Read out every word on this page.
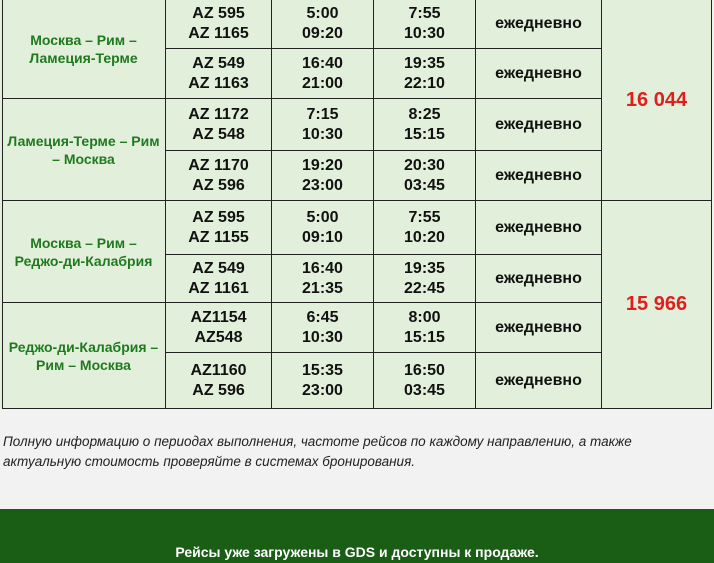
Москва – Рим – Ламеция-Терме
Ламеция-Терме – Рим – Москва
Москва – Рим – Реджо-ди-Калабрия
Реджо-ди-Калабрия – Рим – Москва
AZ 595
AZ 1165
5:00
09:20
7:55
10:30
ежедневно
AZ 549
AZ 1163
16:40
21:00
19:35
22:10
ежедневно
AZ 1172
AZ 548
7:15
10:30
8:25
15:15
ежедневно
AZ 1170
AZ 596
19:20
23:00
20:30
03:45
ежедневно
AZ 595
AZ 1155
5:00
09:10
7:55
10:20
ежедневно
AZ 549
AZ 1161
16:40
21:35
19:35
22:45
ежедневно
AZ1154
AZ548
6:45
10:30
8:00
15:15
ежедневно
AZ1160
AZ 596
15:35
23:00
16:50
03:45
ежедневно
16 044
15 966
Полную информацию о периодах выполнения, частоте рейсов по каждому направлению, а также актуальную стоимость проверяйте в системах бронирования.
Рейсы уже загружены в GDS и доступны к продаже.
